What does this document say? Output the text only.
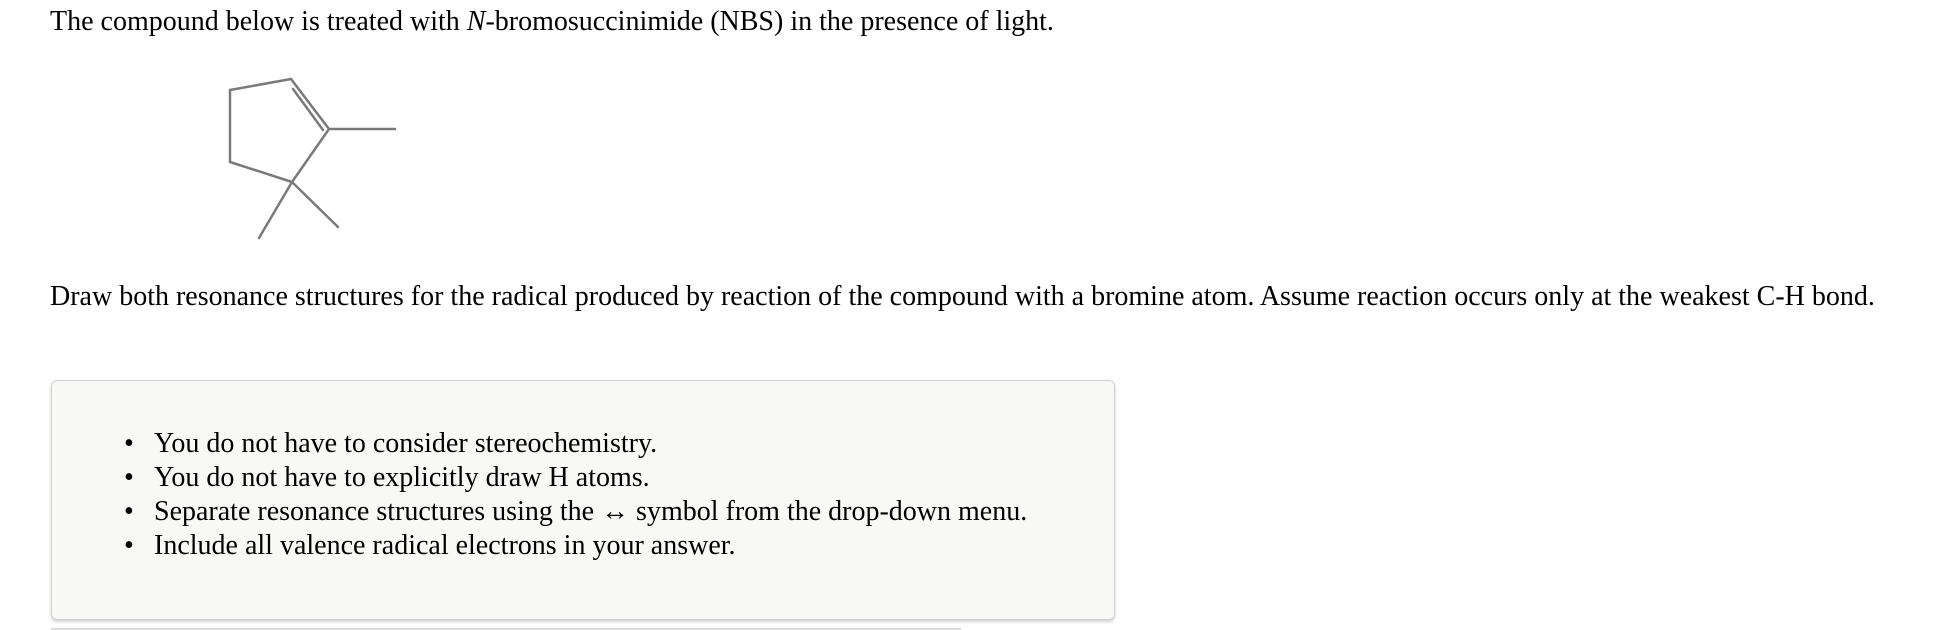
The compound below is treated with N-bromosuccinimide (NBS) in the presence of light.
Draw both resonance structures for the radical produced by reaction of the compound with a bromine atom. Assume reaction occurs only at the weakest C-H bond.
• You do not have to consider stereochemistry.
• You do not have to explicitly draw H atoms.
• Separate resonance structures using the ↔ symbol from the drop-down menu.
• Include all valence radical electrons in your answer.
